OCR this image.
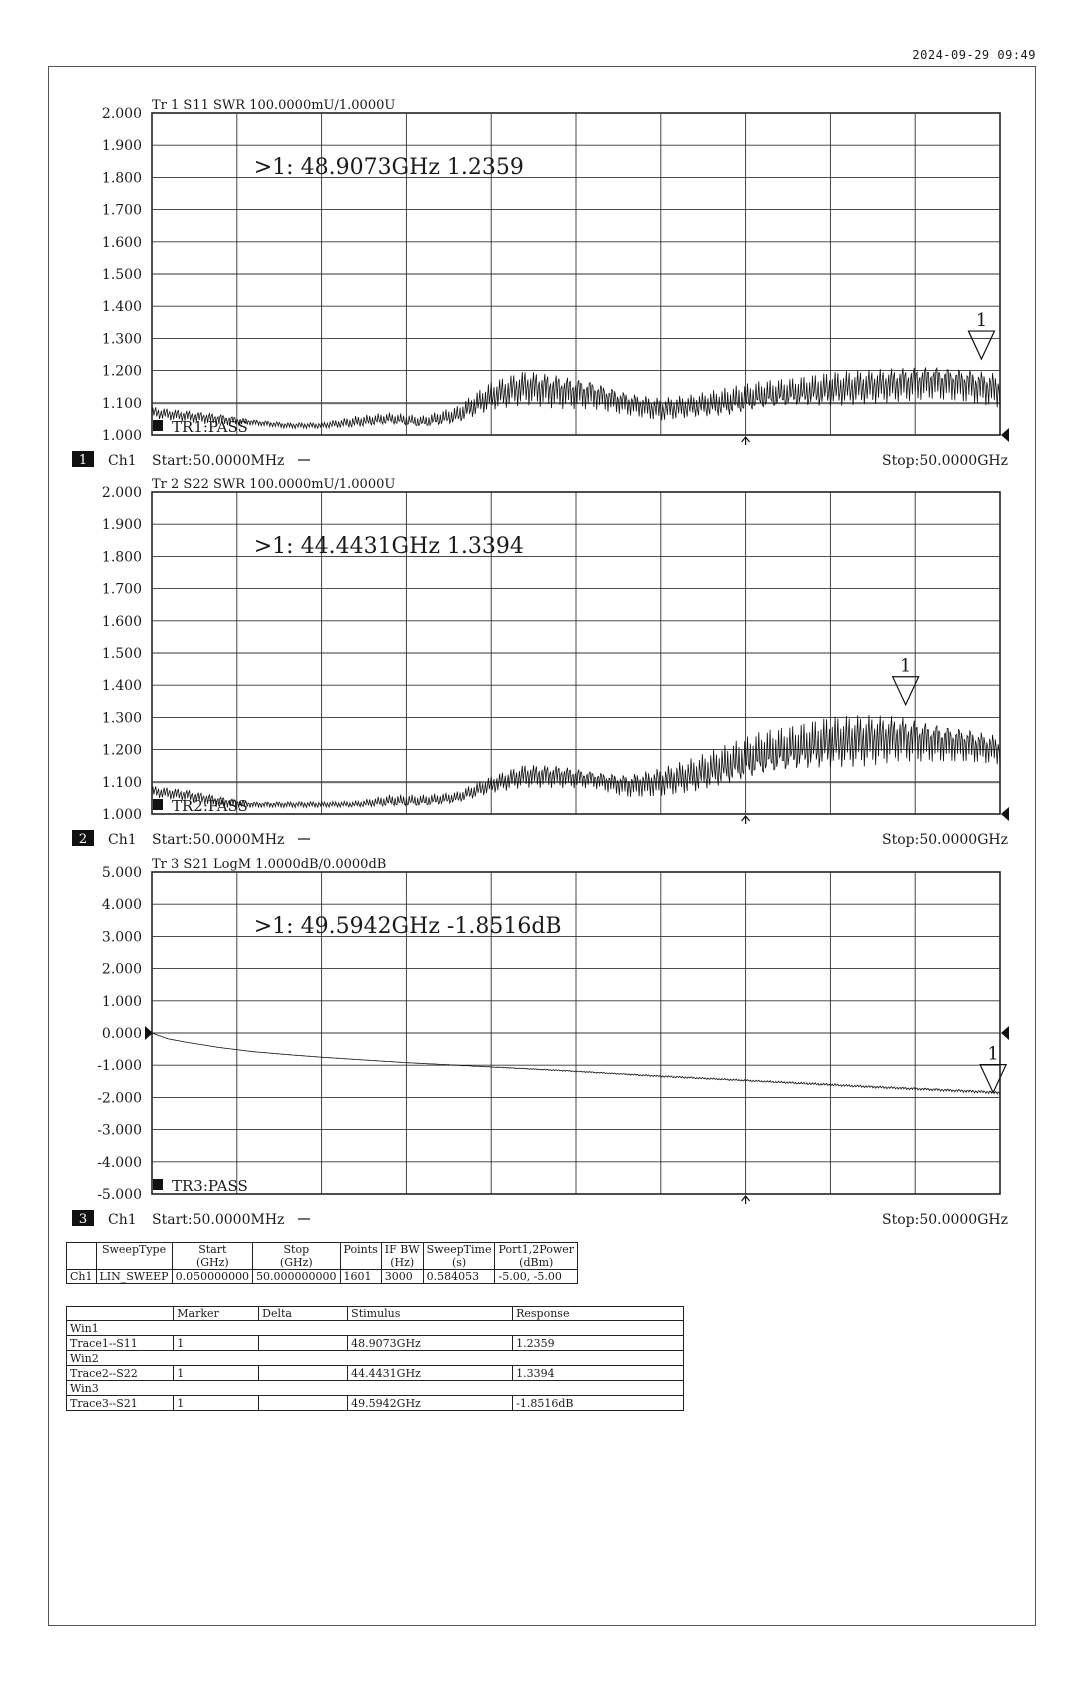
2024-09-29 09:49
2.000
1.900
1.800
1.700
1.600
1.500
1.400
1.300
1.200
1.100
1.000
Tr 1 S11 SWR 100.0000mU/1.0000U
1
>1: 48.9073GHz 1.2359
TR1:PASS
1 Ch1 Start:50.0000MHz	Stop:50.0000GHz
2.000
1.900
1.800
1.700
1.600
1.500
1.400
1.300
1.200
1.100
1.000
Tr 2 S22 SWR 100.0000mU/1.0000U
1
>1: 44.4431GHz 1.3394
TR2:PASS
2 Ch1 Start:50.0000MHz	Stop:50.0000GHz
5.000
4.000
3.000
2.000
1.000
0.000
-1.000
-2.000
-3.000
-4.000
-5.000
Tr 3 S21 LogM 1.0000dB/0.0000dB
1
>1: 49.5942GHz -1.8516dB
TR3:PASS
3 Ch1 Start:50.0000MHz	Stop:50.0000GHz
	SweepType	Start
(GHz)	Stop
(GHz)	Points	IF BW
(Hz)	SweepTime
(s)	Port1,2Power
(dBm)
Ch1	LIN_SWEEP	0.050000000	50.000000000	1601	3000	0.584053	-5.00, -5.00
	Marker	Delta	Stimulus	Response
Win1				
Trace1--S11	1		48.9073GHz	1.2359
Win2				
Trace2--S22	1		44.4431GHz	1.3394
Win3				
Trace3--S21	1		49.5942GHz	-1.8516dB
